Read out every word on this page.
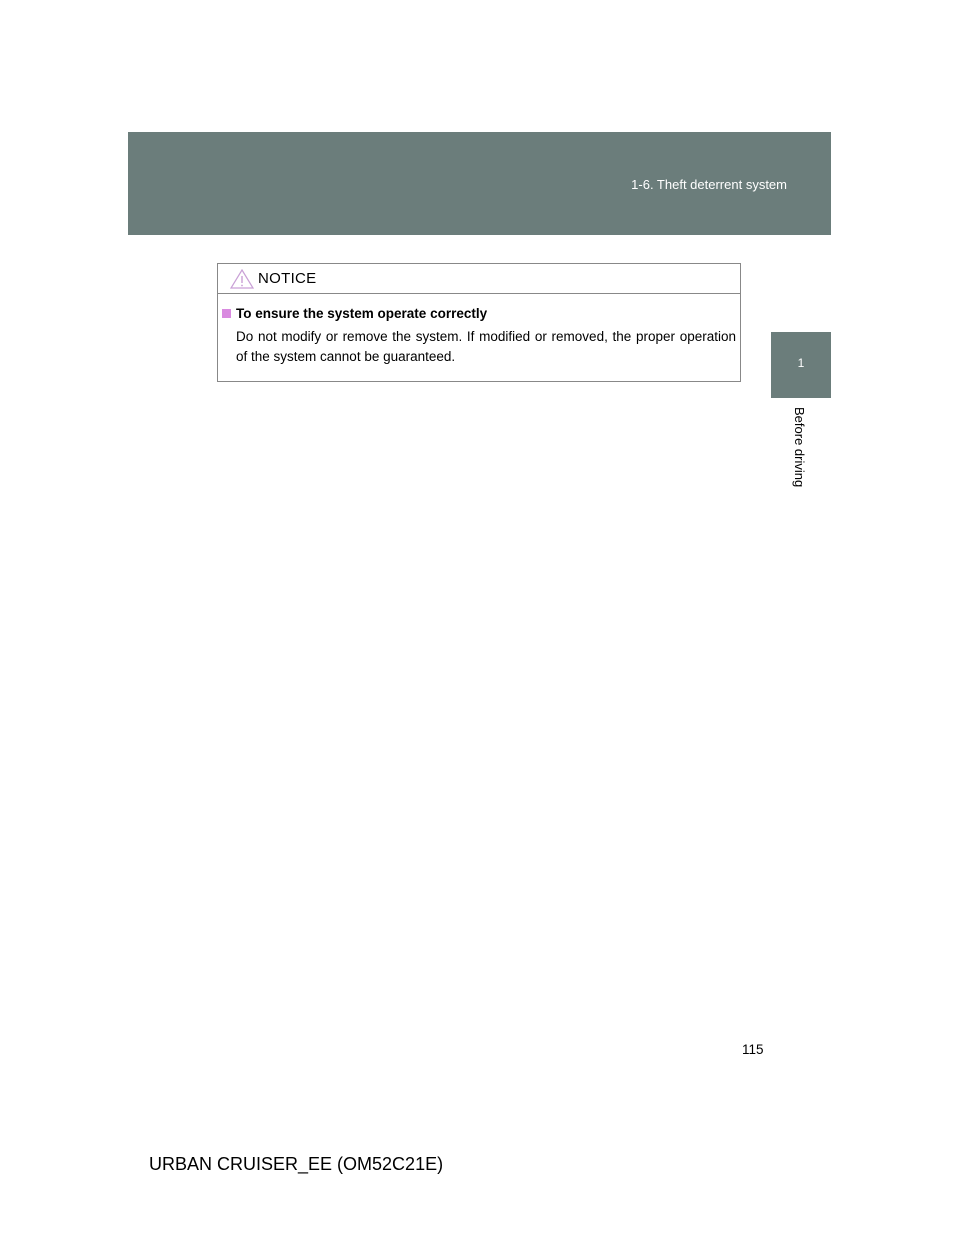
1-6. Theft deterrent system
1
Before driving
NOTICE
To ensure the system operate correctly
Do not modify or remove the system. If modified or removed, the proper operation of the system cannot be guaranteed.
115
URBAN CRUISER_EE (OM52C21E)
